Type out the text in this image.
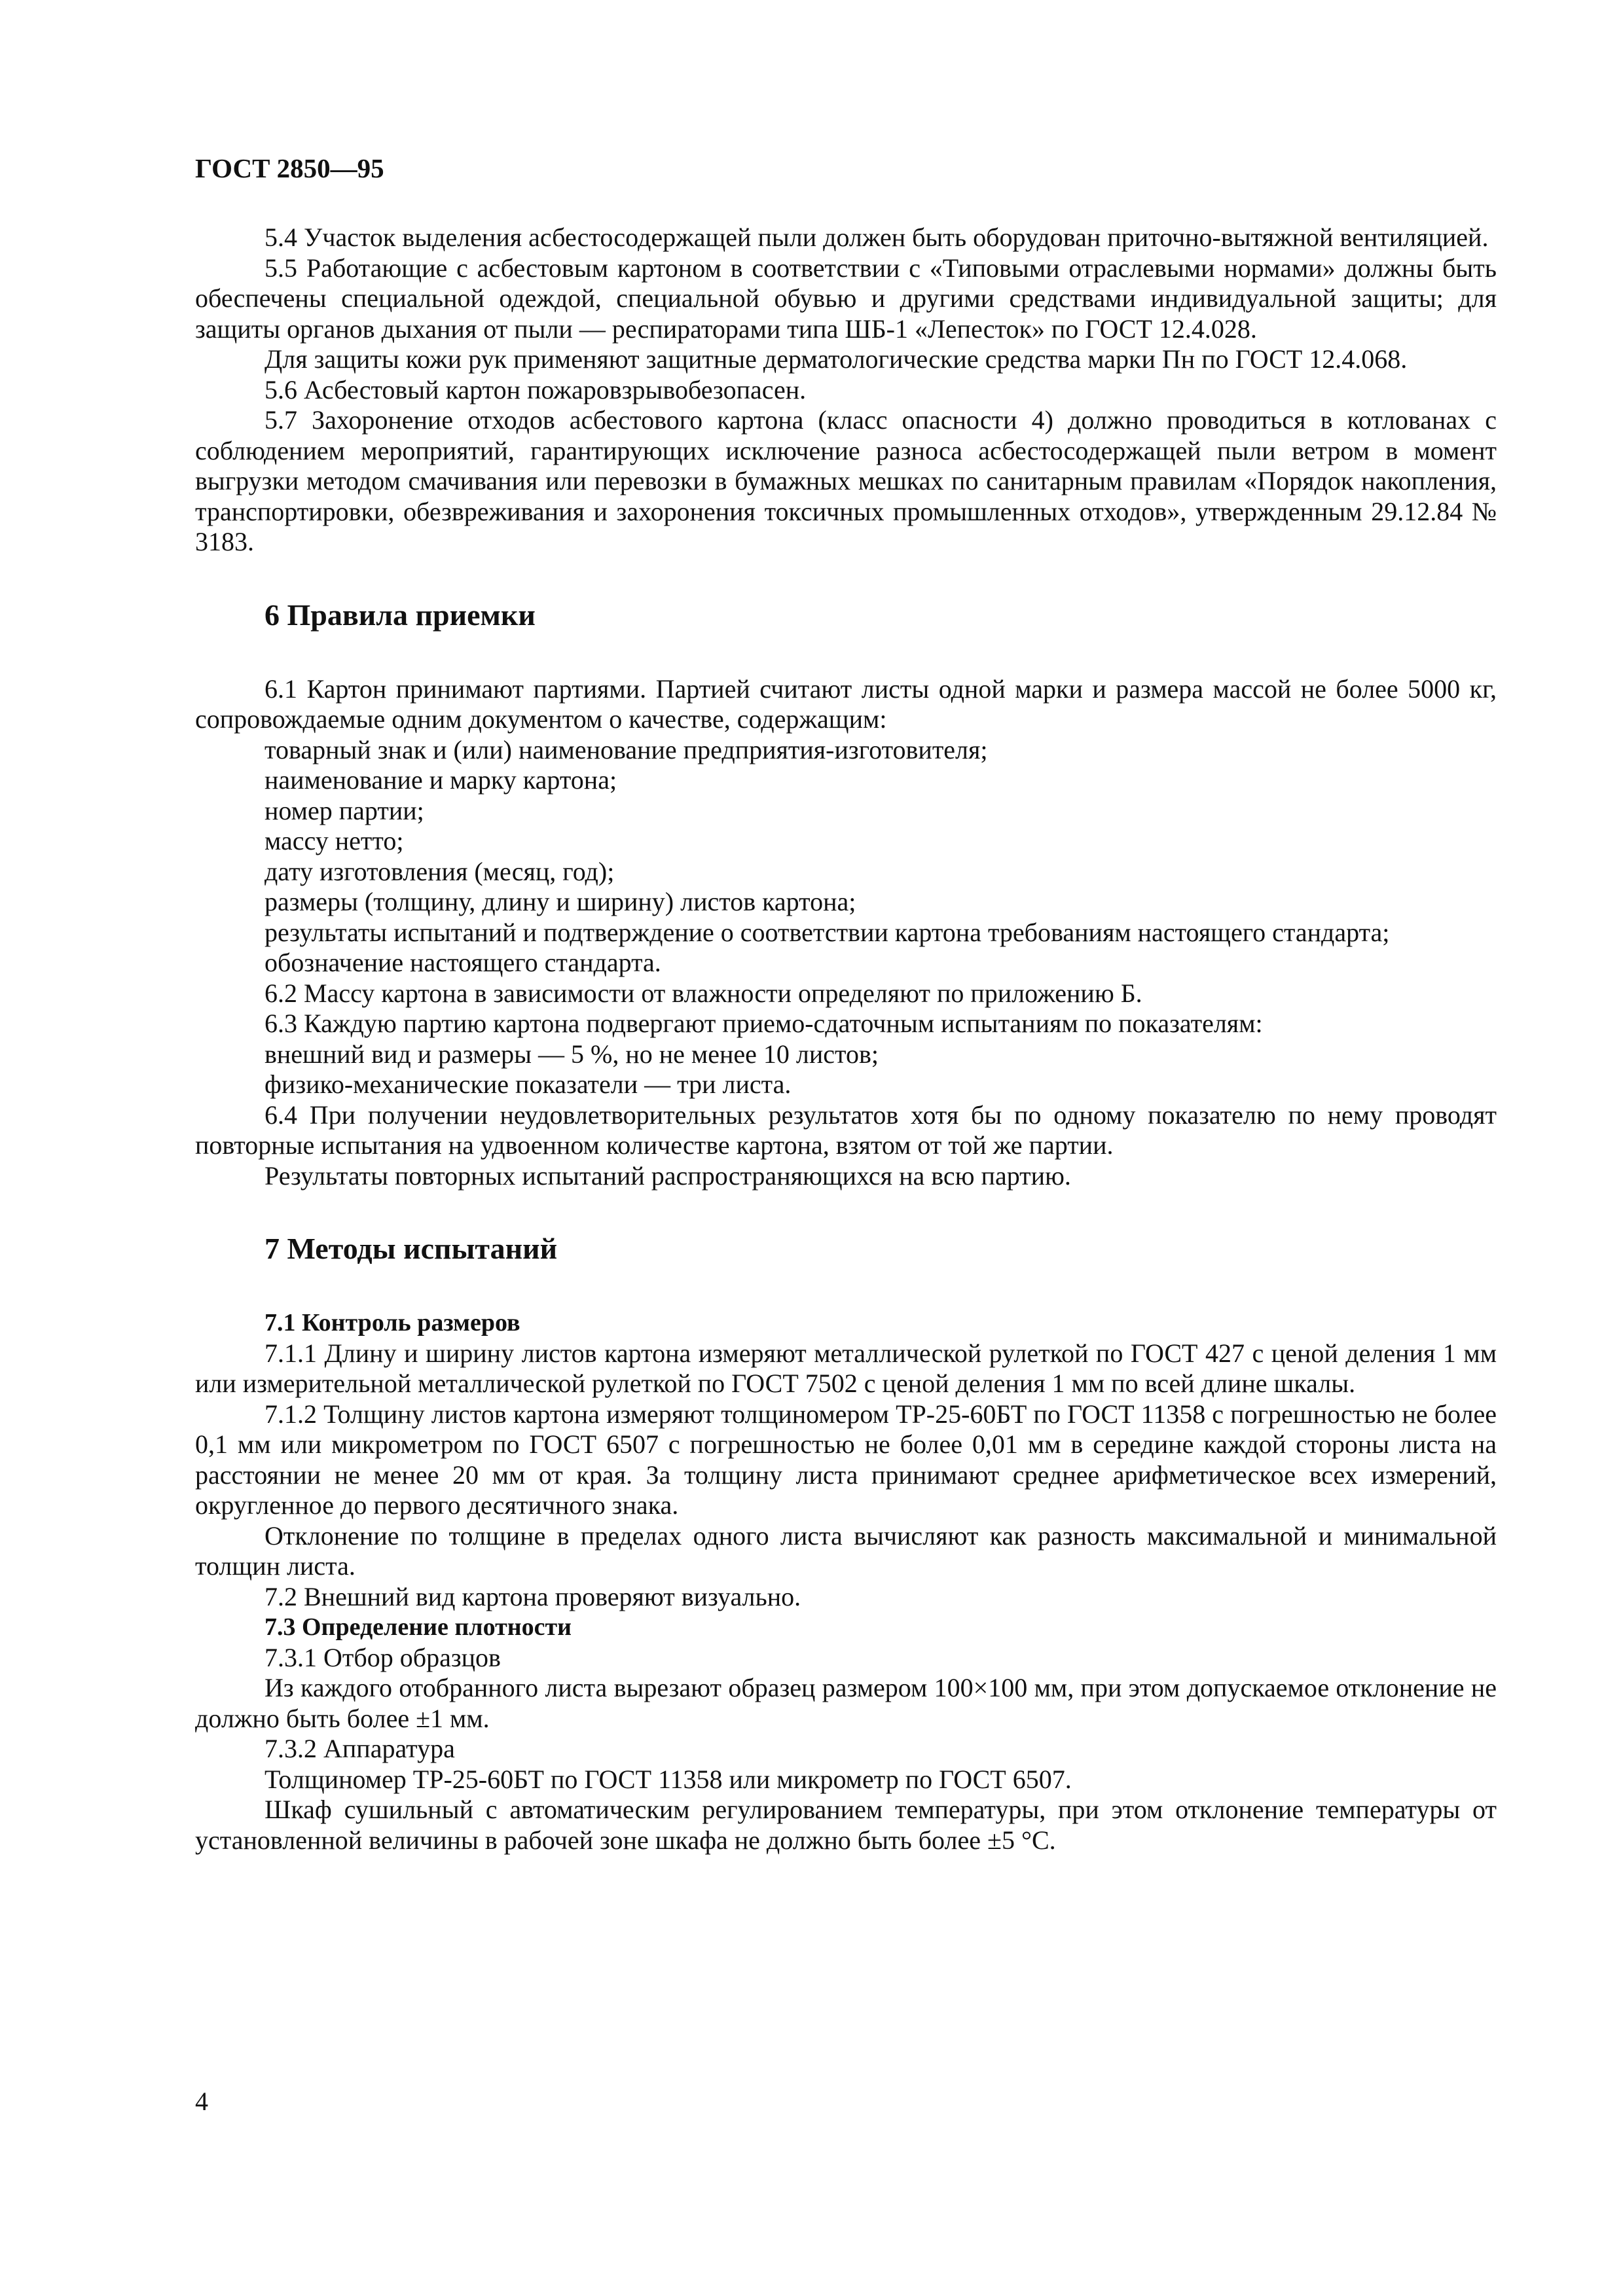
ГОСТ 2850—95

5.4 Участок выделения асбестосодержащей пыли должен быть оборудован приточно-вытяжной вентиляцией.

5.5 Работающие с асбестовым картоном в соответствии с «Типовыми отраслевыми нормами» должны быть обеспечены специальной одеждой, специальной обувью и другими средствами индивидуальной защиты; для защиты органов дыхания от пыли — респираторами типа ШБ-1 «Лепесток» по ГОСТ 12.4.028.

Для защиты кожи рук применяют защитные дерматологические средства марки Пн по ГОСТ 12.4.068.

5.6 Асбестовый картон пожаровзрывобезопасен.

5.7 Захоронение отходов асбестового картона (класс опасности 4) должно проводиться в котлованах с соблюдением мероприятий, гарантирующих исключение разноса асбестосодержащей пыли ветром в момент выгрузки методом смачивания или перевозки в бумажных мешках по санитарным правилам «Порядок накопления, транспортировки, обезвреживания и захоронения токсичных промышленных отходов», утвержденным 29.12.84 № 3183.

6 Правила приемки

6.1 Картон принимают партиями. Партией считают листы одной марки и размера массой не более 5000 кг, сопровождаемые одним документом о качестве, содержащим:

товарный знак и (или) наименование предприятия-изготовителя;

наименование и марку картона;

номер партии;

массу нетто;

дату изготовления (месяц, год);

размеры (толщину, длину и ширину) листов картона;

результаты испытаний и подтверждение о соответствии картона требованиям настоящего стандарта;

обозначение настоящего стандарта.

6.2 Массу картона в зависимости от влажности определяют по приложению Б.

6.3 Каждую партию картона подвергают приемо-сдаточным испытаниям по показателям:

внешний вид и размеры — 5 %, но не менее 10 листов;

физико-механические показатели — три листа.

6.4 При получении неудовлетворительных результатов хотя бы по одному показателю по нему проводят повторные испытания на удвоенном количестве картона, взятом от той же партии.

Результаты повторных испытаний распространяющихся на всю партию.

7 Методы испытаний

7.1 Контроль размеров

7.1.1 Длину и ширину листов картона измеряют металлической рулеткой по ГОСТ 427 с ценой деления 1 мм или измерительной металлической рулеткой по ГОСТ 7502 с ценой деления 1 мм по всей длине шкалы.

7.1.2 Толщину листов картона измеряют толщиномером ТР-25-60БТ по ГОСТ 11358 с погрешностью не более 0,1 мм или микрометром по ГОСТ 6507 с погрешностью не более 0,01 мм в середине каждой стороны листа на расстоянии не менее 20 мм от края. За толщину листа принимают среднее арифметическое всех измерений, округленное до первого десятичного знака.

Отклонение по толщине в пределах одного листа вычисляют как разность максимальной и минимальной толщин листа.

7.2 Внешний вид картона проверяют визуально.

7.3 Определение плотности

7.3.1 Отбор образцов

Из каждого отобранного листа вырезают образец размером 100×100 мм, при этом допускаемое отклонение не должно быть более ±1 мм.

7.3.2 Аппаратура

Толщиномер ТР-25-60БТ по ГОСТ 11358 или микрометр по ГОСТ 6507.

Шкаф сушильный с автоматическим регулированием температуры, при этом отклонение температуры от установленной величины в рабочей зоне шкафа не должно быть более ±5 °С.

4
